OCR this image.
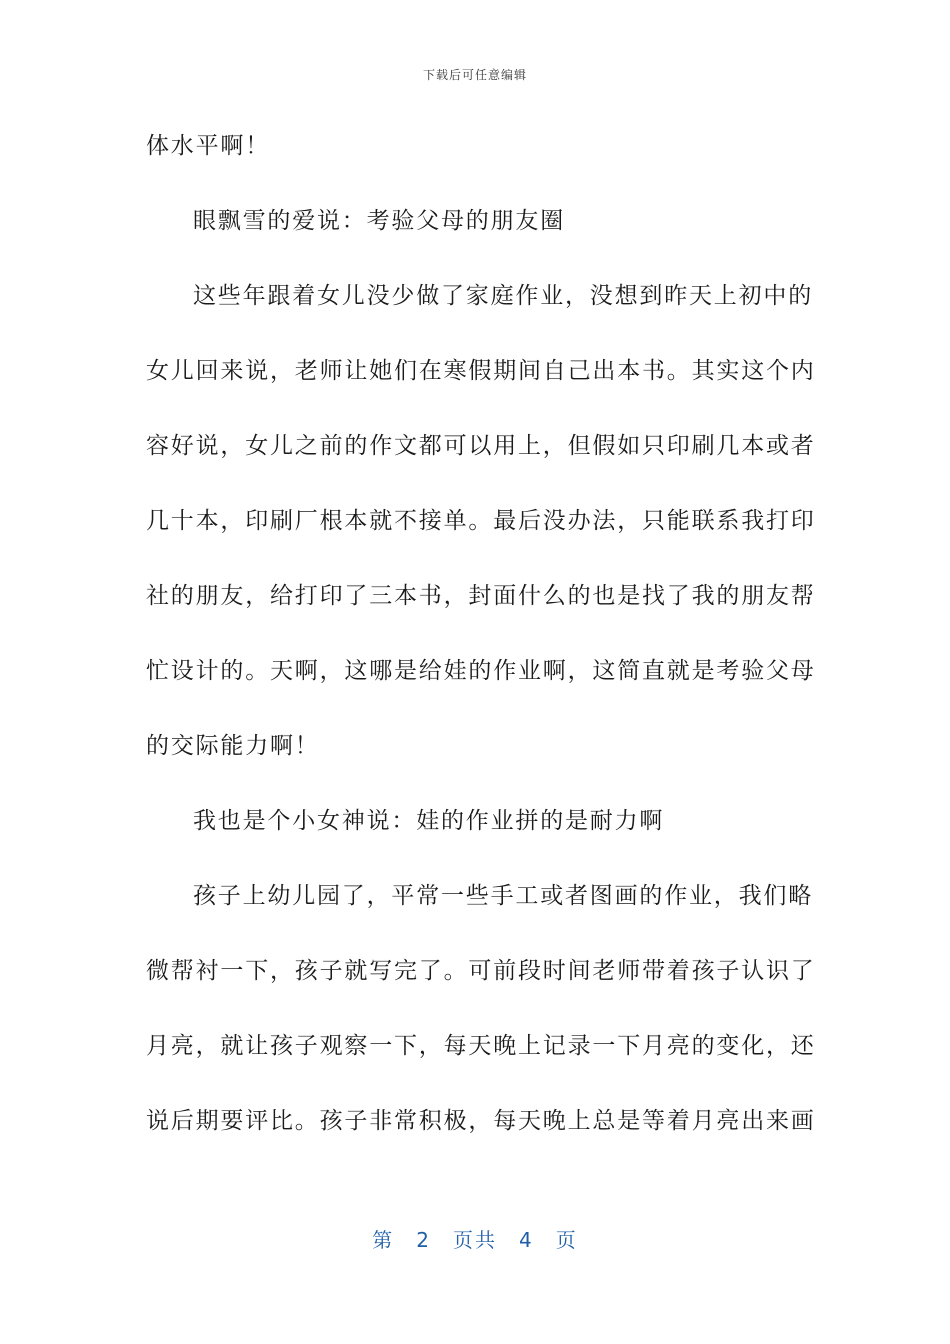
下载后可任意编辑
体水平啊！
眼飘雪的爱说：考验父母的朋友圈
这些年跟着女儿没少做了家庭作业，没想到昨天上初中的
女儿回来说，老师让她们在寒假期间自己出本书。其实这个内
容好说，女儿之前的作文都可以用上，但假如只印刷几本或者
几十本，印刷厂根本就不接单。最后没办法，只能联系我打印
社的朋友，给打印了三本书，封面什么的也是找了我的朋友帮
忙设计的。天啊，这哪是给娃的作业啊，这简直就是考验父母
的交际能力啊！
我也是个小女神说：娃的作业拼的是耐力啊
孩子上幼儿园了，平常一些手工或者图画的作业，我们略
微帮衬一下，孩子就写完了。可前段时间老师带着孩子认识了
月亮，就让孩子观察一下，每天晚上记录一下月亮的变化，还
说后期要评比。孩子非常积极，每天晚上总是等着月亮出来画
第 2 页共 4 页
